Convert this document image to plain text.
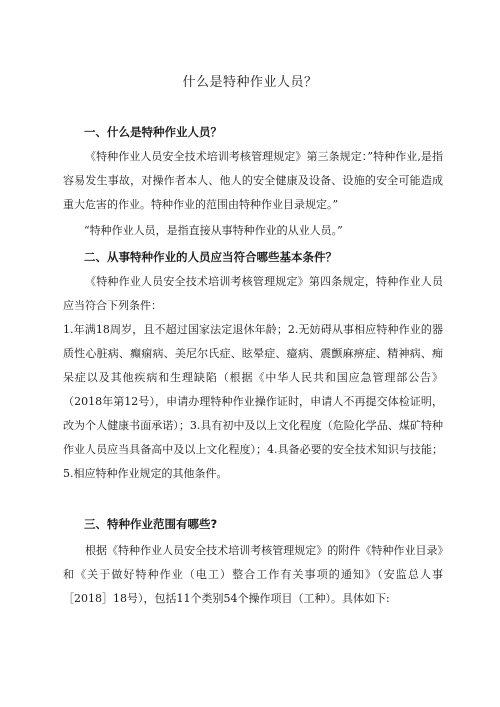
什么是特种作业人员？
一、什么是特种作业人员？
《特种作业人员安全技术培训考核管理规定》第三条规定：”特种作业,是指容易发生事故，对操作者本人、他人的安全健康及设备、设施的安全可能造成重大危害的作业。特种作业的范围由特种作业目录规定。”
“特种作业人员，是指直接从事特种作业的从业人员。”
二、从事特种作业的人员应当符合哪些基本条件？
《特种作业人员安全技术培训考核管理规定》第四条规定，特种作业人员应当符合下列条件：
1.年满18周岁，且不超过国家法定退休年龄；2.无妨碍从事相应特种作业的器质性心脏病、癫痫病、美尼尔氏症、眩晕症、癔病、震颤麻痹症、精神病、痴呆症以及其他疾病和生理缺陷（根据《中华人民共和国应急管理部公告》（2018年第12号），申请办理特种作业操作证时，申请人不再提交体检证明，改为个人健康书面承诺）；3.具有初中及以上文化程度（危险化学品、煤矿特种作业人员应当具备高中及以上文化程度）；4.具备必要的安全技术知识与技能；5.相应特种作业规定的其他条件。
三、特种作业范围有哪些?
根据《特种作业人员安全技术培训考核管理规定》的附件《特种作业目录》和《关于做好特种作业（电工）整合工作有关事项的通知》（安监总人事［2018］18号），包括11个类别54个操作项目（工种）。具体如下:
